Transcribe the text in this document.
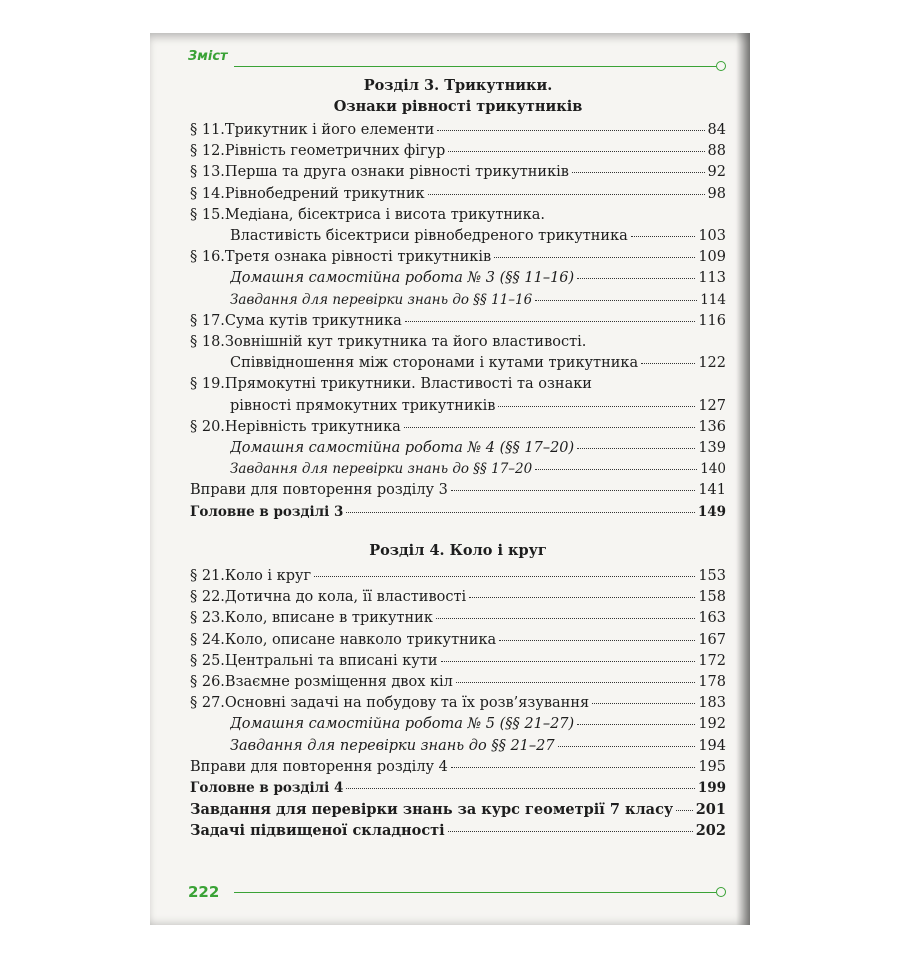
Зміст
Розділ 3. Трикутники.
Ознаки рівності трикутників
§ 11. Трикутник і його елементи	84
§ 12. Рівність геометричних фігур	88
§ 13. Перша та друга ознаки рівності трикутників	92
§ 14. Рівнобедрений трикутник	98
§ 15. Медіана, бісектриса і висота трикутника.
Властивість бісектриси рівнобедреного трикутника	103
§ 16. Третя ознака рівності трикутників	109
Домашня самостійна робота № 3 (§§ 11–16)	113
Завдання для перевірки знань до §§ 11–16	114
§ 17. Сума кутів трикутника	116
§ 18. Зовнішній кут трикутника та його властивості.
Співвідношення між сторонами і кутами трикутника	122
§ 19. Прямокутні трикутники. Властивості та ознаки
рівності прямокутних трикутників	127
§ 20. Нерівність трикутника	136
Домашня самостійна робота № 4 (§§ 17–20)	139
Завдання для перевірки знань до §§ 17–20	140
Вправи для повторення розділу 3	141
Головне в розділі 3	149
Розділ 4. Коло і круг
§ 21. Коло і круг	153
§ 22. Дотична до кола, її властивості	158
§ 23. Коло, вписане в трикутник	163
§ 24. Коло, описане навколо трикутника	167
§ 25. Центральні та вписані кути	172
§ 26. Взаємне розміщення двох кіл	178
§ 27. Основні задачі на побудову та їх розв’язування	183
Домашня самостійна робота № 5 (§§ 21–27)	192
Завдання для перевірки знань до §§ 21–27	194
Вправи для повторення розділу 4	195
Головне в розділі 4	199
Завдання для перевірки знань за курс геометрії 7 класу 201
Задачі підвищеної складності	202
222
